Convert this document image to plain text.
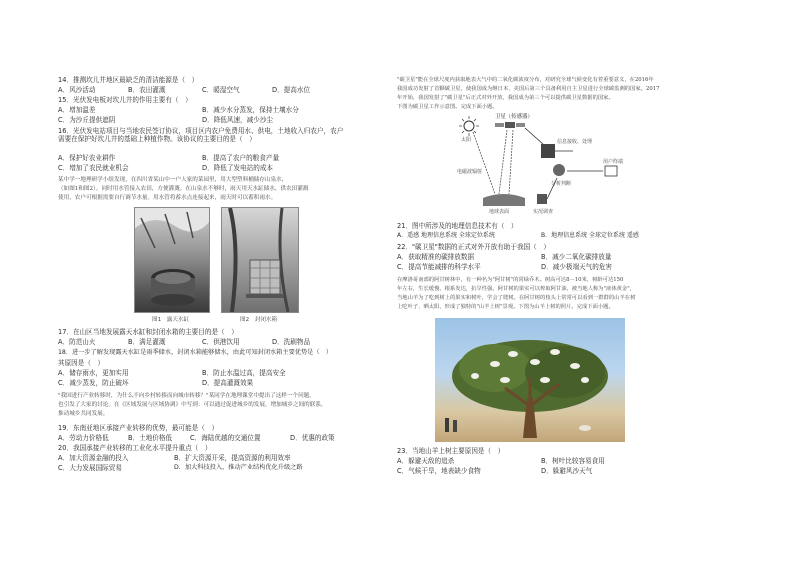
14．推测坎儿井地区最缺乏的清洁能源是（　）
A．风沙活动	B．农田灌溉	C．暖湿空气	D．提高水位
15．光伏发电板对坎儿井的作用主要有（　）
A．增加温差	B．减少水分蒸发，保持土壤水分
C．为沙丘提供遮阴	D．降低风速，减少沙尘
16．光伏发电站项目与当地农民签订协议，项目区内农户免费用水、供电，土地收入归农户，农户需要在保护好坎儿井的基础上种植作物。该协议的主要目的是（　）
A．保护好农业耕作	B．提高了农户的粮食产量
C．增加了农民就业机会	D．降低了发电站的成本
某中学一地理研学小组发现，在四川省某山中一户人家的菜园里，用大型塑料桶储存山泉水，
（如图1和图2）。同时用水管接入农田，方便灌溉。在山泉水不够时，雨天用天水缸储水，供农田灌溉
使用，农户可根据需要自行调节水量。用水管将蓄水点连接起来，雨天时可以蓄积雨水。
图1　露天水缸	图2　封闭水箱
17．在山区当地发展露天水缸和封闭水箱的主要目的是（　）
A．防范山火	B．满足灌溉	C．供港饮用	D．洗刷物品
18．进一步了解发现露天水缸是雨季储水，封闭水箱能够储水，由此可知封闭水箱主要优势是（　）
其原因是（　）
A．储存雨水，更加实用	B．防止水温过高，提高安全
C．减少蒸发，防止破坏	D．提高灌溉效果
"我国进行产业转移时，为什么不向乡村转移而向城市转移？"某同学在地理课堂中提出了这样一个问题，
也引发了大家的讨论。在《区域发展与区域协调》中写到：可以通过促进城乡的发展，增加城乡之间的联系，
推动城乡共同发展。
19．东南亚地区承接产业转移的优势，最可能是（　）
A．劳动力价格低	B．土地价格低	C．海陆优越的交通位置	D．优惠的政策
20．我国承接产业转移的工业化水平提升重点（　）
A．加大资源金融的投入	B．扩大资源开采，提高资源的利用效率
C．大力发展国际贸易	D．加大科技投入，推动产业结构优化升级之路
"碳卫星"能在全球尺度内获取地表大气中的二氧化碳浓度分布，对研究全球气候变化有着重要意义，在2016年
我国成功发射了首颗碳卫星，使我国成为继日本、美国后第三个具备利用自主卫星进行全球碳监测的国家。2017
年开始，我国发射了"碳卫星"后正式对外开放，我国成为第三个可以提供碳卫星数据的国家。
下图为碳卫星工作示意图。完成下面小题。
卫星（传感器）
太阳
电磁波辐射
信息接收、处理
分析判断
用户终端
地球表面	实况调查
21．图中所涉及的地理信息技术有（　）
A．遥感 地理信息系统 全球定位系统	B．地理信息系统 全球定位系统 遥感
22．"碳卫星"数据的正式对外开放有助于我国（　）
A．获取精准的碳排放数据	B．减少二氧化碳排放量
C．提高节能减排的科学水平	D．减少极端天气的危害
在摩洛哥南部的阿甘树林中，有一种名为"阿甘树"的常绿乔木。树高可达8－10米，树龄可达150
年左右，生长缓慢，根系发达，抗旱性强。阿甘树的果实可以榨取阿甘油，被当地人称为"液体黄金"，
当地山羊为了吃到树上的果实和树叶，学会了爬树。在阿甘树的枝头上常常可以看到一群群的山羊在树
上吃叶子、晒太阳，形成了独特的"山羊上树"景观。下图为山羊上树的照片。完成下面小题。
23．当地山羊上树主要原因是（　）
A．躲避天敌的追杀	B．树叶比较容易食用
C．气候干旱，地表缺少食物	D．躲避风沙天气
